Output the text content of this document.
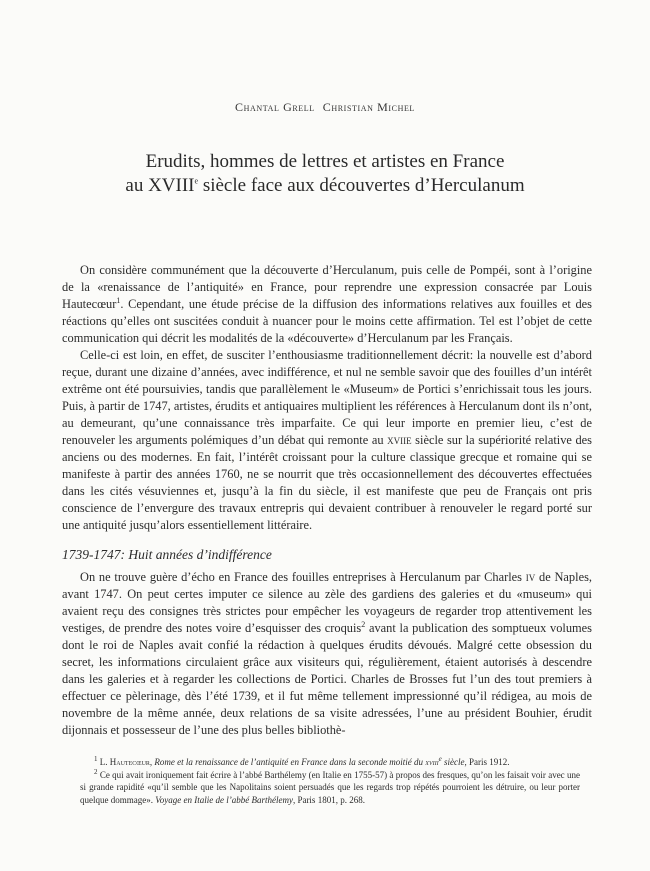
Chantal Grell Christian Michel
Erudits, hommes de lettres et artistes en France
au XVIIIe siècle face aux découvertes d’Herculanum

On considère communément que la découverte d’Herculanum, puis celle de Pompéi, sont à l’origine de la «renaissance de l’antiquité» en France, pour reprendre une expression consacrée par Louis Hautecœur$^1$. Cependant, une étude précise de la diffusion des informations relatives aux fouilles et des réactions qu’elles ont suscitées conduit à nuancer pour le moins cette affirmation. Tel est l’objet de cette communication qui décrit les modalités de la «découverte» d’Herculanum par les Français.

Celle-ci est loin, en effet, de susciter l’enthousiasme traditionnellement décrit: la nouvelle est d’abord reçue, durant une dizaine d’années, avec indifférence, et nul ne semble savoir que des fouilles d’un intérêt extrême ont été poursuivies, tandis que parallèlement le «Museum» de Portici s’enrichissait tous les jours. Puis, à partir de 1747, artistes, érudits et antiquaires multiplient les références à Herculanum dont ils n’ont, au demeurant, qu’une connaissance très imparfaite. Ce qui leur importe en premier lieu, c’est de renouveler les arguments polémiques d’un débat qui remonte au xviie siècle sur la supériorité relative des anciens ou des modernes. En fait, l’intérêt croissant pour la culture classique grecque et romaine qui se manifeste à partir des années 1760, ne se nourrit que très occasionnellement des découvertes effectuées dans les cités vésuviennes et, jusqu’à la fin du siècle, il est manifeste que peu de Français ont pris conscience de l’envergure des travaux entrepris qui devaient contribuer à renouveler le regard porté sur une antiquité jusqu’alors essentiellement littéraire.

1739-1747: Huit années d’indifférence

On ne trouve guère d’écho en France des fouilles entreprises à Herculanum par Charles iv de Naples, avant 1747. On peut certes imputer ce silence au zèle des gardiens des galeries et du «museum» qui avaient reçu des consignes très strictes pour empêcher les voyageurs de regarder trop attentivement les vestiges, de prendre des notes voire d’esquisser des croquis$^2$ avant la publication des somptueux volumes dont le roi de Naples avait confié la rédaction à quelques érudits dévoués. Malgré cette obsession du secret, les informations circulaient grâce aux visiteurs qui, régulièrement, étaient autorisés à descendre dans les galeries et à regarder les collections de Portici. Charles de Brosses fut l’un des tout premiers à effectuer ce pèlerinage, dès l’été 1739, et il fut même tellement impressionné qu’il rédigea, au mois de novembre de la même année, deux relations de sa visite adressées, l’une au président Bouhier, érudit dijonnais et possesseur de l’une des plus belles bibliothè-

$^1$ L. Hautecœur, Rome et la renaissance de l’antiquité en France dans la seconde moitié du xviii$^e$ siècle, Paris 1912.

$^2$ Ce qui avait ironiquement fait écrire à l’abbé Barthélemy (en Italie en 1755-57) à propos des fresques, qu’on les faisait voir avec une si grande rapidité «qu’il semble que les Napolitains soient persuadés que les regards trop répétés pourroient les détruire, ou leur porter quelque dommage». Voyage en Italie de l’abbé Barthélemy, Paris 1801, p. 268.
